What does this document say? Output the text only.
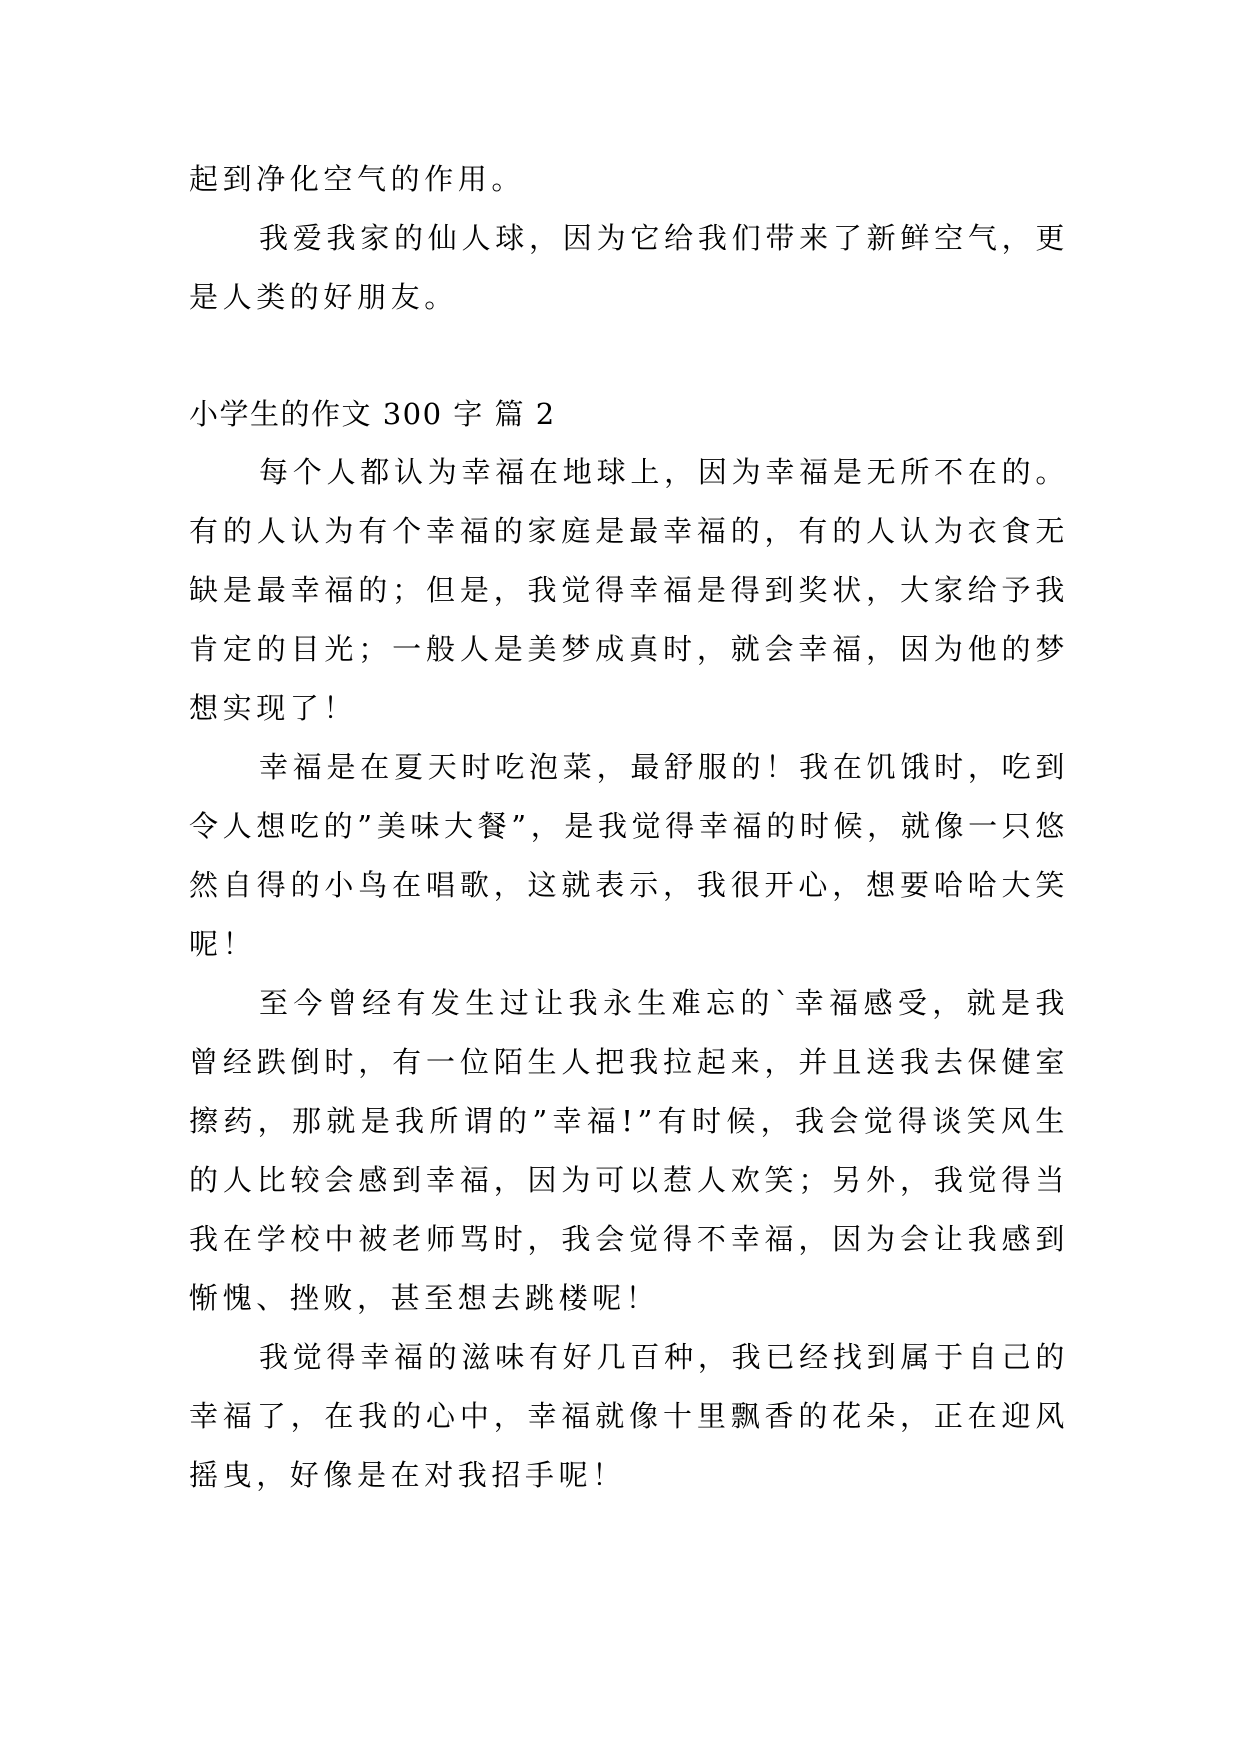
起到净化空气的作用。

我爱我家的仙人球，因为它给我们带来了新鲜空气，更是人类的好朋友。

小学生的作文 300 字 篇 2

每个人都认为幸福在地球上，因为幸福是无所不在的。有的人认为有个幸福的家庭是最幸福的，有的人认为衣食无缺是最幸福的；但是，我觉得幸福是得到奖状，大家给予我肯定的目光；一般人是美梦成真时，就会幸福，因为他的梦想实现了！

幸福是在夏天时吃泡菜，最舒服的！我在饥饿时，吃到令人想吃的”美味大餐”，是我觉得幸福的时候，就像一只悠然自得的小鸟在唱歌，这就表示，我很开心，想要哈哈大笑呢！

至今曾经有发生过让我永生难忘的`幸福感受，就是我曾经跌倒时，有一位陌生人把我拉起来，并且送我去保健室擦药，那就是我所谓的”幸福!”有时候，我会觉得谈笑风生的人比较会感到幸福，因为可以惹人欢笑；另外，我觉得当我在学校中被老师骂时，我会觉得不幸福，因为会让我感到惭愧、挫败，甚至想去跳楼呢！

我觉得幸福的滋味有好几百种，我已经找到属于自己的幸福了，在我的心中，幸福就像十里飘香的花朵，正在迎风摇曳，好像是在对我招手呢！
